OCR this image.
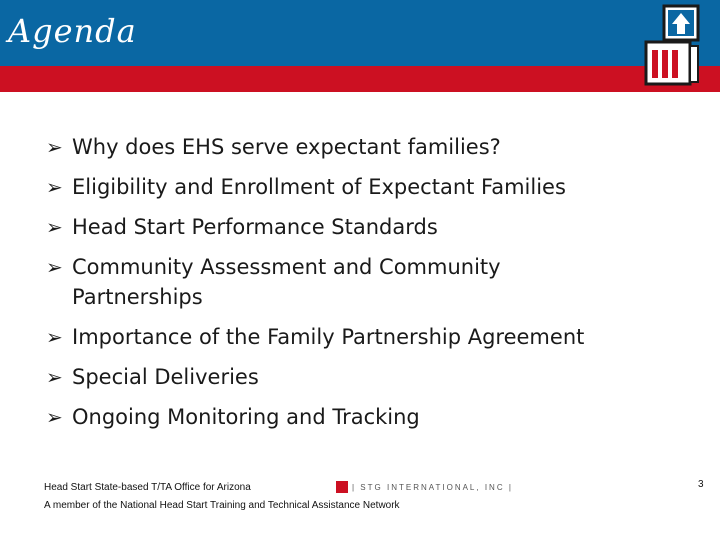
Agenda
➢ Why does EHS serve expectant families?
➢ Eligibility and Enrollment of Expectant Families
➢ Head Start Performance Standards
➢ Community Assessment and Community Partnerships
➢ Importance of the Family Partnership Agreement
➢ Special Deliveries
➢ Ongoing Monitoring and Tracking
Head Start State-based T/TA Office for Arizona
A member of the National Head Start Training and Technical Assistance Network
| STG INTERNATIONAL, INC |	3
